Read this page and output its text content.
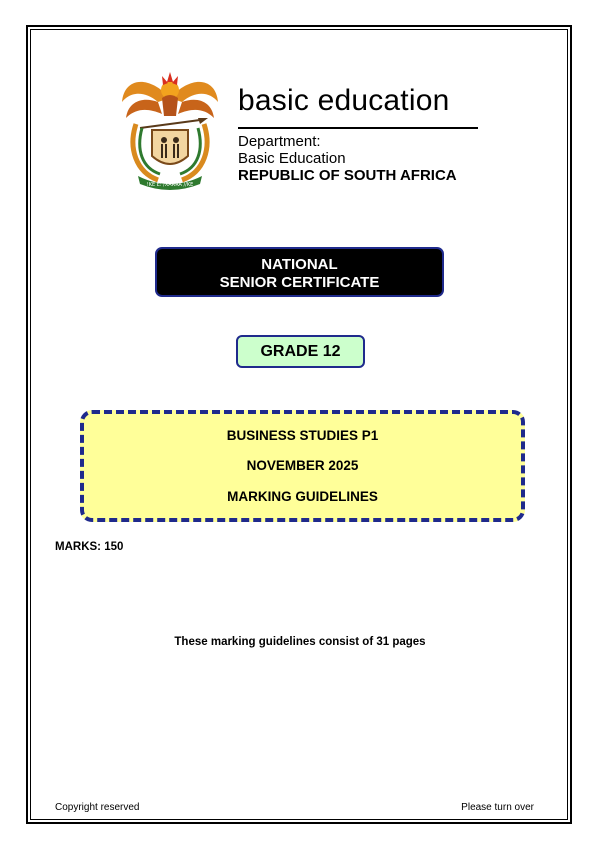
!KE E: /XARRA //KE
basic education
Department:
Basic Education
REPUBLIC OF SOUTH AFRICA
NATIONAL
SENIOR CERTIFICATE
GRADE 12
BUSINESS STUDIES P1
NOVEMBER 2025
MARKING GUIDELINES
MARKS: 150
These marking guidelines consist of 31 pages
Copyright reserved	Please turn over
